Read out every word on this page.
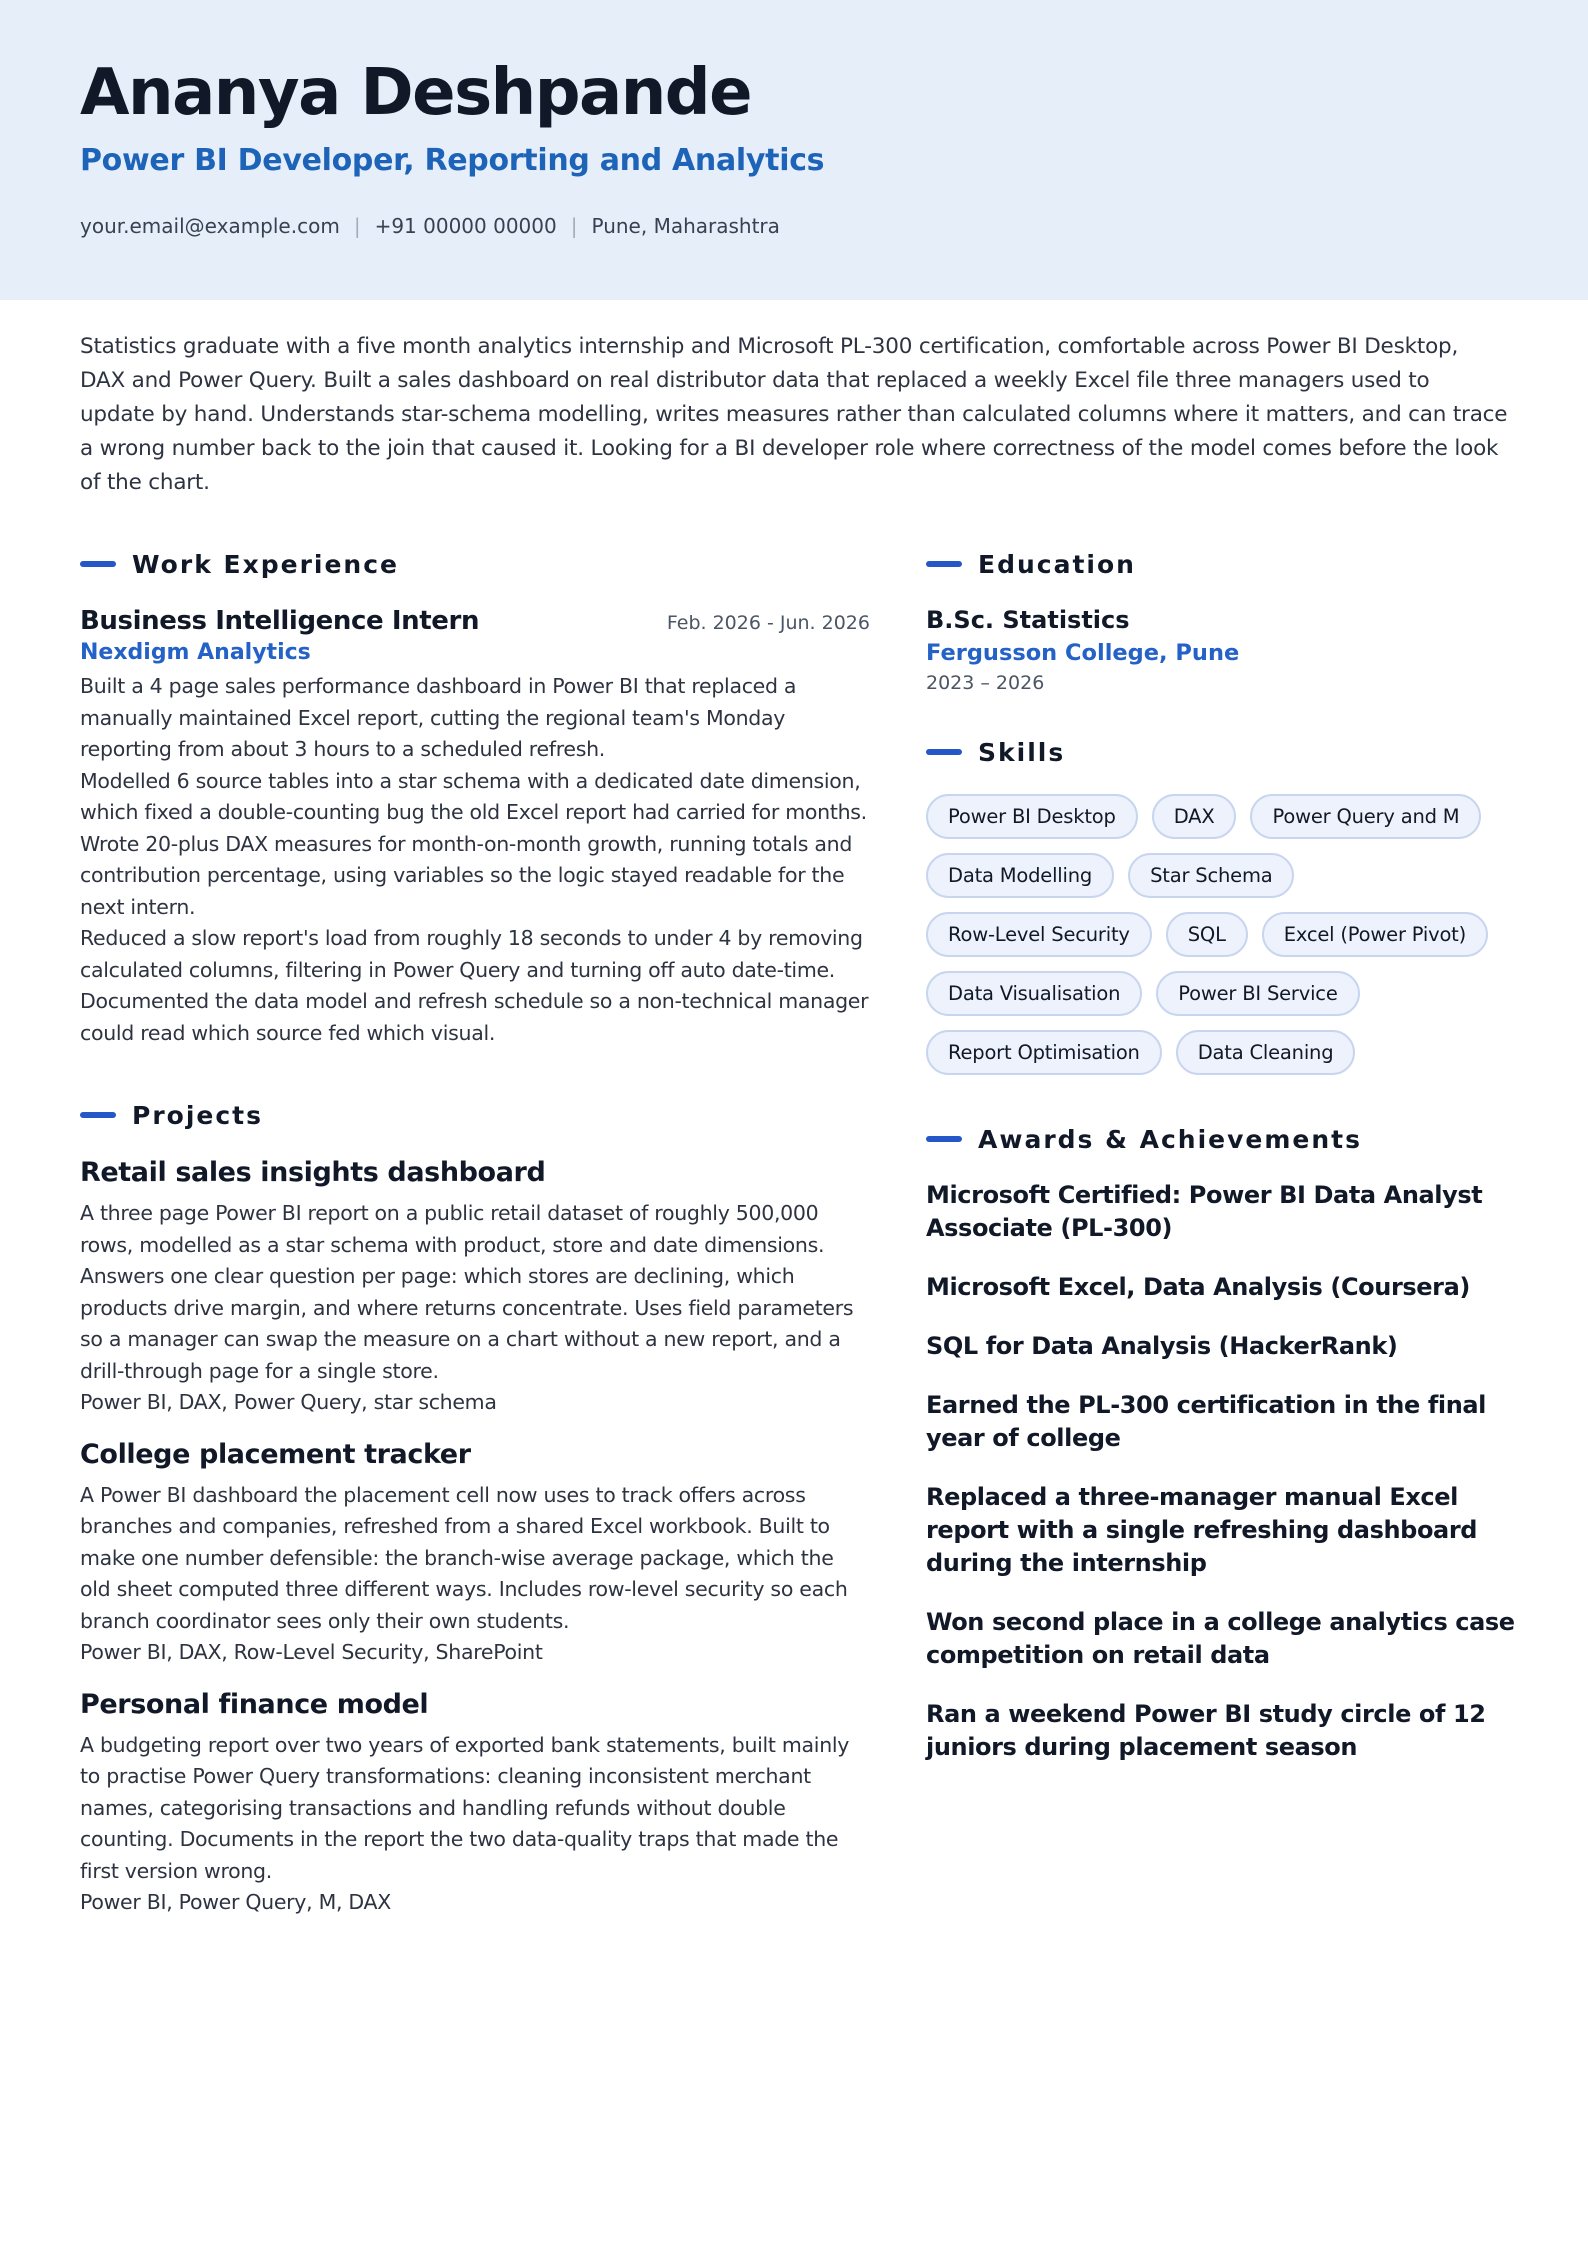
Ananya Deshpande
Power BI Developer, Reporting and Analytics
your.email@example.com | +91 00000 00000 | Pune, Maharashtra
Statistics graduate with a five month analytics internship and Microsoft PL-300 certification, comfortable across Power BI Desktop, DAX and Power Query. Built a sales dashboard on real distributor data that replaced a weekly Excel file three managers used to update by hand. Understands star-schema modelling, writes measures rather than calculated columns where it matters, and can trace a wrong number back to the join that caused it. Looking for a BI developer role where correctness of the model comes before the look of the chart.
Work Experience
Business Intelligence Intern	Feb. 2026 - Jun. 2026
Nexdigm Analytics
Built a 4 page sales performance dashboard in Power BI that replaced a manually maintained Excel report, cutting the regional team's Monday reporting from about 3 hours to a scheduled refresh.
Modelled 6 source tables into a star schema with a dedicated date dimension, which fixed a double-counting bug the old Excel report had carried for months.
Wrote 20-plus DAX measures for month-on-month growth, running totals and contribution percentage, using variables so the logic stayed readable for the next intern.
Reduced a slow report's load from roughly 18 seconds to under 4 by removing calculated columns, filtering in Power Query and turning off auto date-time.
Documented the data model and refresh schedule so a non-technical manager could read which source fed which visual.
Projects
Retail sales insights dashboard
A three page Power BI report on a public retail dataset of roughly 500,000 rows, modelled as a star schema with product, store and date dimensions. Answers one clear question per page: which stores are declining, which products drive margin, and where returns concentrate. Uses field parameters so a manager can swap the measure on a chart without a new report, and a drill-through page for a single store.
Power BI, DAX, Power Query, star schema
College placement tracker
A Power BI dashboard the placement cell now uses to track offers across branches and companies, refreshed from a shared Excel workbook. Built to make one number defensible: the branch-wise average package, which the old sheet computed three different ways. Includes row-level security so each branch coordinator sees only their own students.
Power BI, DAX, Row-Level Security, SharePoint
Personal finance model
A budgeting report over two years of exported bank statements, built mainly to practise Power Query transformations: cleaning inconsistent merchant names, categorising transactions and handling refunds without double counting. Documents in the report the two data-quality traps that made the first version wrong.
Power BI, Power Query, M, DAX
Education
B.Sc. Statistics
Fergusson College, Pune
2023 – 2026
Skills
Power BI Desktop	DAX	Power Query and M
Data Modelling	Star Schema
Row-Level Security	SQL	Excel (Power Pivot)
Data Visualisation	Power BI Service
Report Optimisation	Data Cleaning
Awards & Achievements
Microsoft Certified: Power BI Data Analyst Associate (PL-300)
Microsoft Excel, Data Analysis (Coursera)
SQL for Data Analysis (HackerRank)
Earned the PL-300 certification in the final year of college
Replaced a three-manager manual Excel report with a single refreshing dashboard during the internship
Won second place in a college analytics case competition on retail data
Ran a weekend Power BI study circle of 12 juniors during placement season
